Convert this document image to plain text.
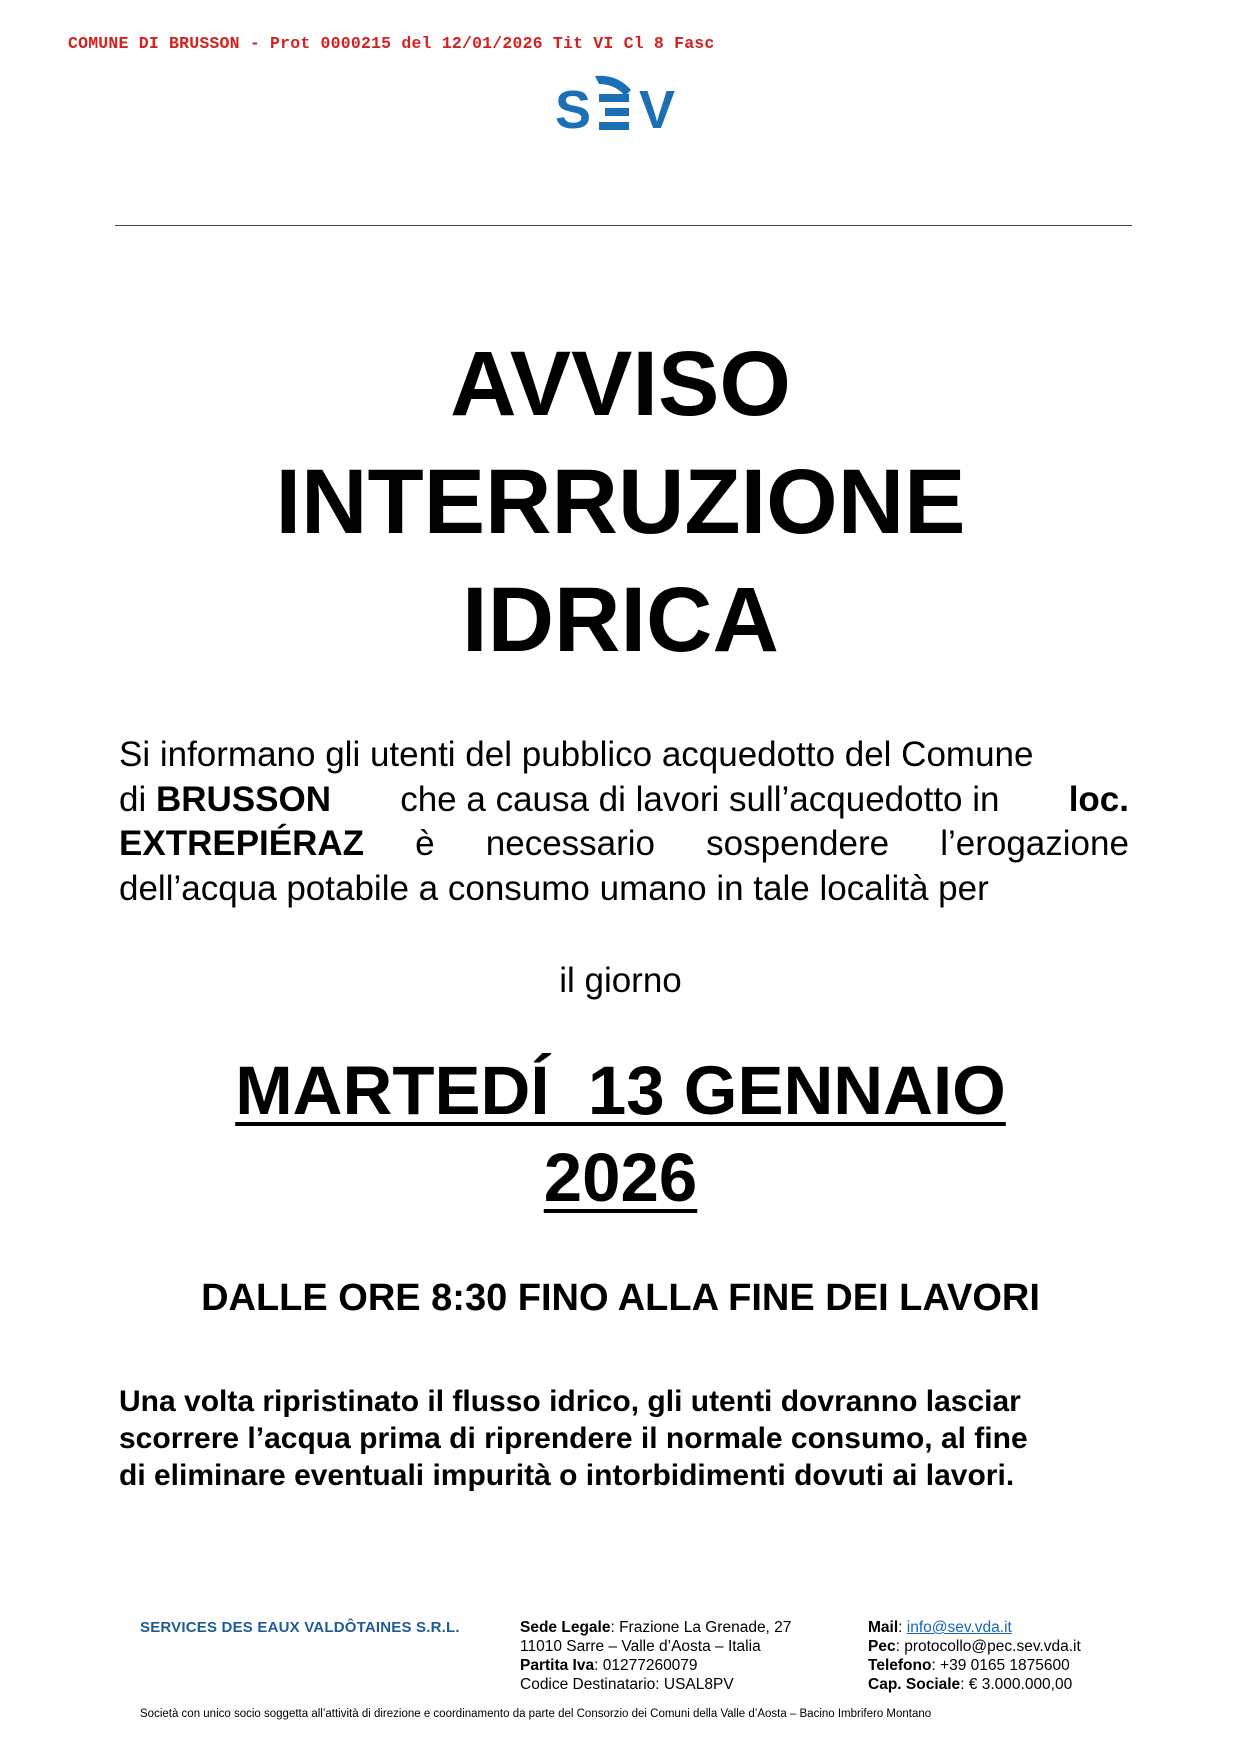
COMUNE DI BRUSSON - Prot 0000215 del 12/01/2026 Tit VI Cl 8 Fasc
S V
AVVISO
INTERRUZIONE
IDRICA
Si informano gli utenti del pubblico acquedotto del Comune
di BRUSSON che a causa di lavori sull’acquedotto in loc.
EXTREPIÉRAZ è necessario sospendere l’erogazione
dell’acqua potabile a consumo umano in tale località per
il giorno
MARTEDÍ  13 GENNAIO
2026
DALLE ORE 8:30 FINO ALLA FINE DEI LAVORI
Una volta ripristinato il flusso idrico, gli utenti dovranno lasciar
scorrere l’acqua prima di riprendere il normale consumo, al fine
di eliminare eventuali impurità o intorbidimenti dovuti ai lavori.
SERVICES DES EAUX VALDÔTAINES S.R.L.	Sede Legale: Frazione La Grenade, 27
11010 Sarre – Valle d’Aosta – Italia
Partita Iva: 01277260079
Codice Destinatario: USAL8PV
Mail: info@sev.vda.it
Pec: protocollo@pec.sev.vda.it
Telefono: +39 0165 1875600
Cap. Sociale: € 3.000.000,00
Società con unico socio soggetta all’attività di direzione e coordinamento da parte del Consorzio dei Comuni della Valle d’Aosta – Bacino Imbrifero Montano
